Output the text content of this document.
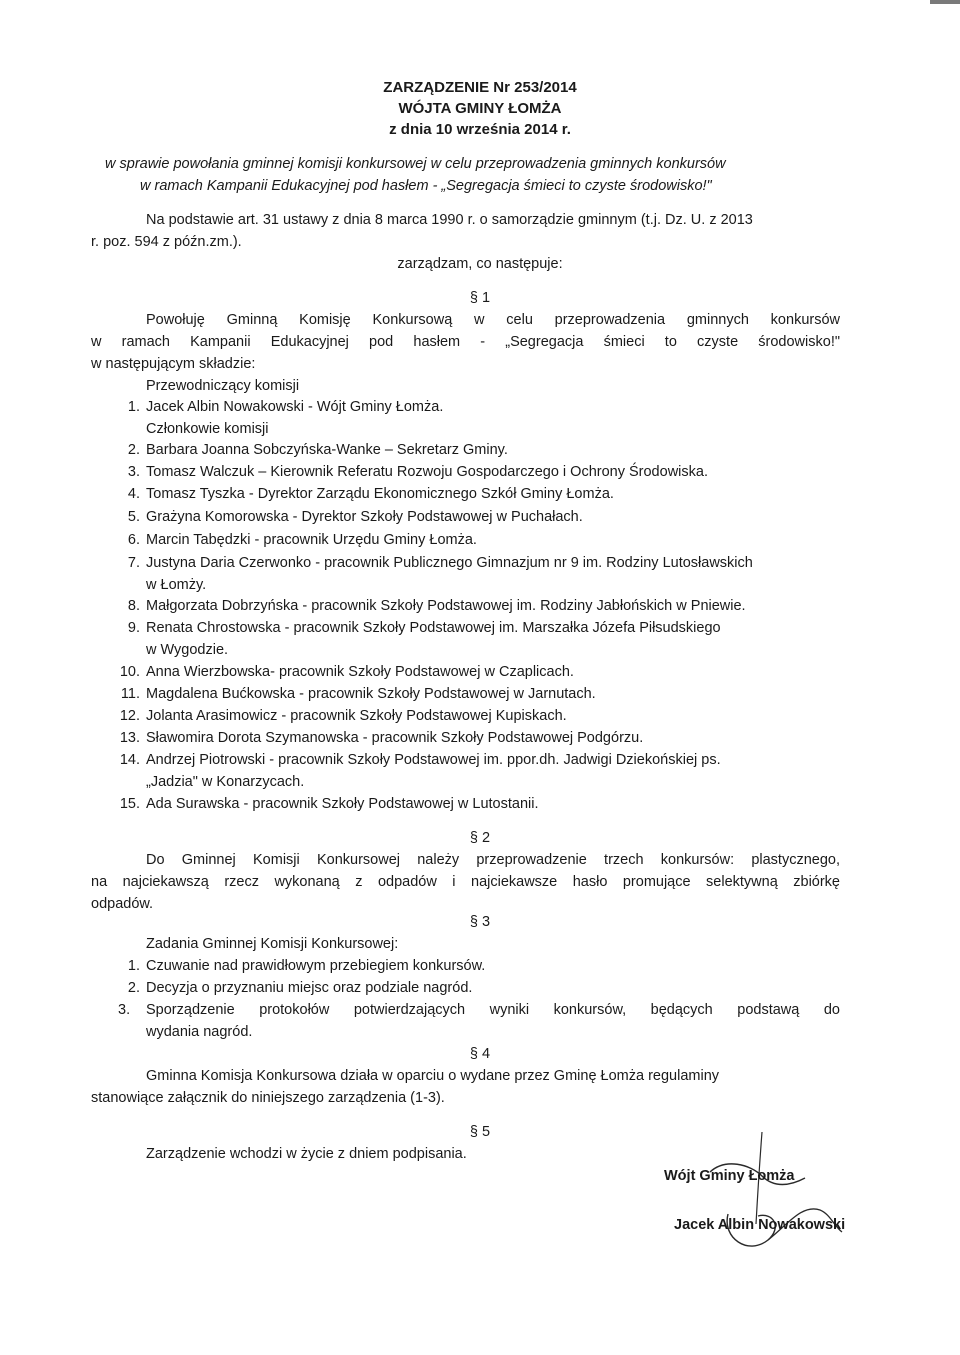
ZARZĄDZENIE Nr 253/2014
WÓJTA GMINY ŁOMŻA
z dnia 10 września 2014 r.
w sprawie powołania gminnej komisji konkursowej w celu przeprowadzenia gminnych konkursów
w ramach Kampanii Edukacyjnej pod hasłem - „Segregacja śmieci to czyste środowisko!"
Na podstawie art. 31 ustawy z dnia 8 marca 1990 r. o samorządzie gminnym (t.j. Dz. U. z 2013
r. poz. 594 z późn.zm.).
zarządzam, co następuje:
§ 1
Powołuję Gminną Komisję Konkursową w celu przeprowadzenia gminnych konkursów
w ramach Kampanii Edukacyjnej pod hasłem - „Segregacja śmieci to czyste środowisko!"
w następującym składzie:
Przewodniczący komisji
1. Jacek Albin Nowakowski - Wójt Gminy Łomża.
Członkowie komisji
2. Barbara Joanna Sobczyńska-Wanke – Sekretarz Gminy.
3. Tomasz Walczuk – Kierownik Referatu Rozwoju Gospodarczego i Ochrony Środowiska.
4. Tomasz Tyszka - Dyrektor Zarządu Ekonomicznego Szkół Gminy Łomża.
5. Grażyna Komorowska - Dyrektor Szkoły Podstawowej w Puchałach.
6. Marcin Tabędzki - pracownik Urzędu Gminy Łomża.
7. Justyna Daria Czerwonko - pracownik Publicznego Gimnazjum nr 9 im. Rodziny Lutosławskich
w Łomży.
8. Małgorzata Dobrzyńska - pracownik Szkoły Podstawowej im. Rodziny Jabłońskich w Pniewie.
9. Renata Chrostowska - pracownik Szkoły Podstawowej im. Marszałka Józefa Piłsudskiego
w Wygodzie.
10. Anna Wierzbowska- pracownik Szkoły Podstawowej w Czaplicach.
11. Magdalena Bućkowska - pracownik Szkoły Podstawowej w Jarnutach.
12. Jolanta Arasimowicz - pracownik Szkoły Podstawowej Kupiskach.
13. Sławomira Dorota Szymanowska - pracownik Szkoły Podstawowej Podgórzu.
14. Andrzej Piotrowski - pracownik Szkoły Podstawowej im. ppor.dh. Jadwigi Dziekońskiej ps.
„Jadzia" w Konarzycach.
15. Ada Surawska - pracownik Szkoły Podstawowej w Lutostanii.
§ 2
Do Gminnej Komisji Konkursowej należy przeprowadzenie trzech konkursów: plastycznego,
na najciekawszą rzecz wykonaną z odpadów i najciekawsze hasło promujące selektywną zbiórkę
odpadów.
§ 3
Zadania Gminnej Komisji Konkursowej:
1. Czuwanie nad prawidłowym przebiegiem konkursów.
2. Decyzja o przyznaniu miejsc oraz podziale nagród.
3. Sporządzenie protokołów potwierdzających wyniki konkursów, będących podstawą do
wydania nagród.
§ 4
Gminna Komisja Konkursowa działa w oparciu o wydane przez Gminę Łomża regulaminy
stanowiące załącznik do niniejszego zarządzenia (1-3).
§ 5
Zarządzenie wchodzi w życie z dniem podpisania.
Wójt Gminy Łomża
Jacek Albin Nowakowski
